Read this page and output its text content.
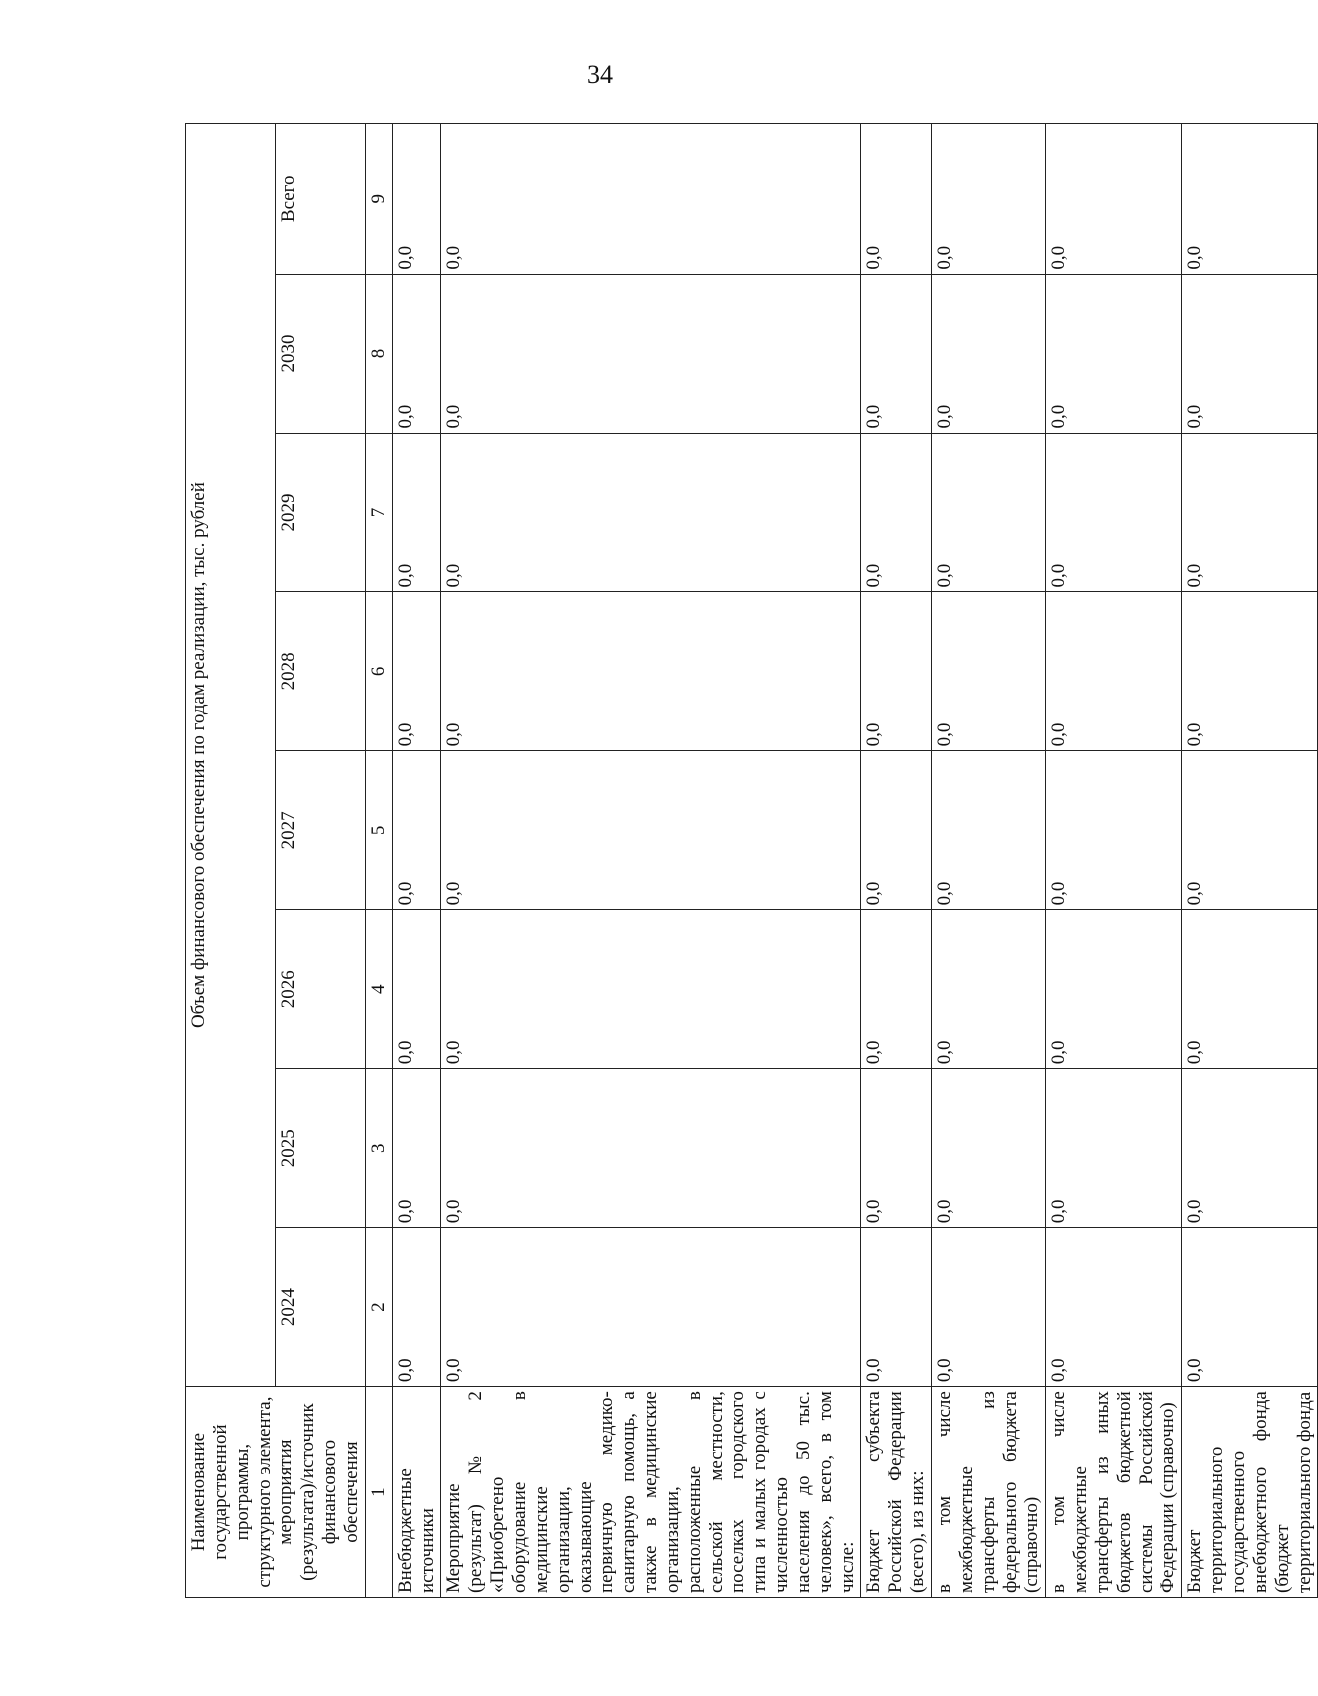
34
Наименование государственной программы, структурного элемента, мероприятия (результата)/источник финансового обеспечения	Объем финансового обеспечения по годам реализации, тыс. рублей							
	2024	2025	2026	2027	2028	2029	2030	Всего
1	2	3	4	5	6	7	8	9
Внебюджетные источники	0,0	0,0	0,0	0,0	0,0	0,0	0,0	0,0
Мероприятие (результат) № 2 «Приобретено оборудование в медицинские организации, оказывающие первичную медико-санитарную помощь, а также в медицинские организации, расположенные в сельской местности, поселках городского типа и малых городах с численностью населения до 50 тыс. человек», всего, в том числе:	0,0	0,0	0,0	0,0	0,0	0,0	0,0	0,0
Бюджет субъекта Российской Федерации (всего), из них:	0,0	0,0	0,0	0,0	0,0	0,0	0,0	0,0
в том числе межбюджетные трансферты из федерального бюджета (справочно)	0,0	0,0	0,0	0,0	0,0	0,0	0,0	0,0
в том числе межбюджетные трансферты из иных бюджетов бюджетной системы Российской Федерации (справочно)	0,0	0,0	0,0	0,0	0,0	0,0	0,0	0,0
Бюджет территориального государственного внебюджетного фонда (бюджет территориального фонда	0,0	0,0	0,0	0,0	0,0	0,0	0,0	0,0
